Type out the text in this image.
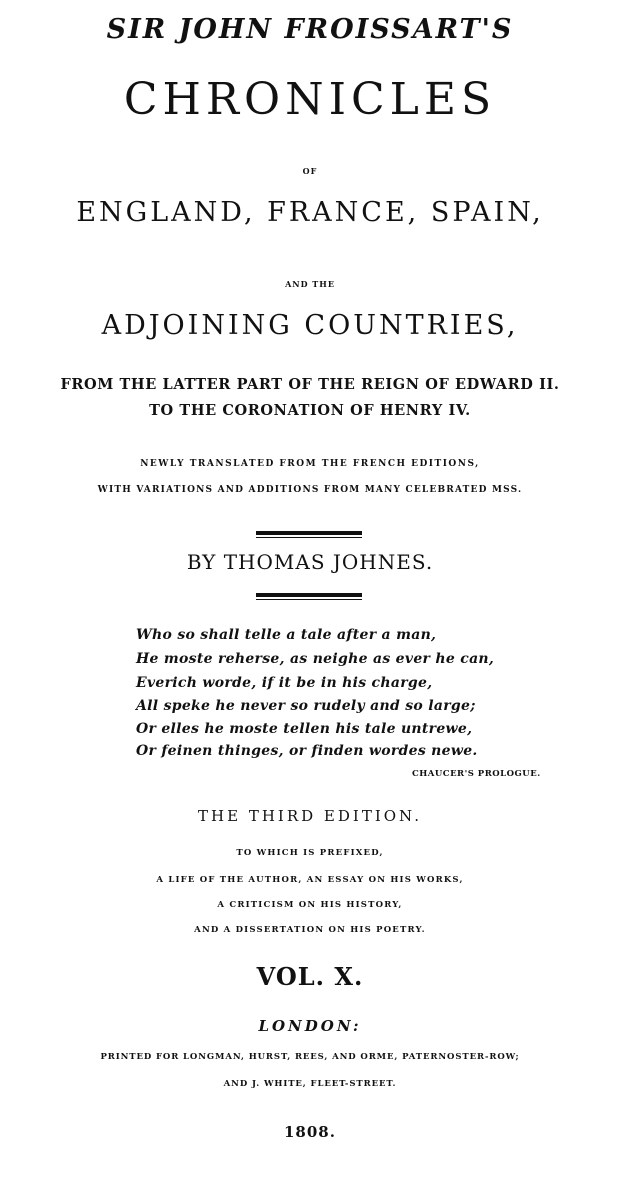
SIR JOHN FROISSART'S
CHRONICLES
OF
ENGLAND, FRANCE, SPAIN,
AND THE
ADJOINING COUNTRIES,
FROM THE LATTER PART OF THE REIGN OF EDWARD II.
TO THE CORONATION OF HENRY IV.
NEWLY TRANSLATED FROM THE FRENCH EDITIONS,
WITH VARIATIONS AND ADDITIONS FROM MANY CELEBRATED MSS.
BY THOMAS JOHNES.
Who so shall telle a tale after a man,
He moste reherse, as neighe as ever he can,
Everich worde, if it be in his charge,
All speke he never so rudely and so large;
Or elles he moste tellen his tale untrewe,
Or feinen thinges, or finden wordes newe.
CHAUCER'S PROLOGUE.
THE THIRD EDITION.
TO WHICH IS PREFIXED,
A LIFE OF THE AUTHOR, AN ESSAY ON HIS WORKS,
A CRITICISM ON HIS HISTORY,
AND A DISSERTATION ON HIS POETRY.
VOL. X.
LONDON:
PRINTED FOR LONGMAN, HURST, REES, AND ORME, PATERNOSTER-ROW;
AND J. WHITE, FLEET-STREET.
1808.
